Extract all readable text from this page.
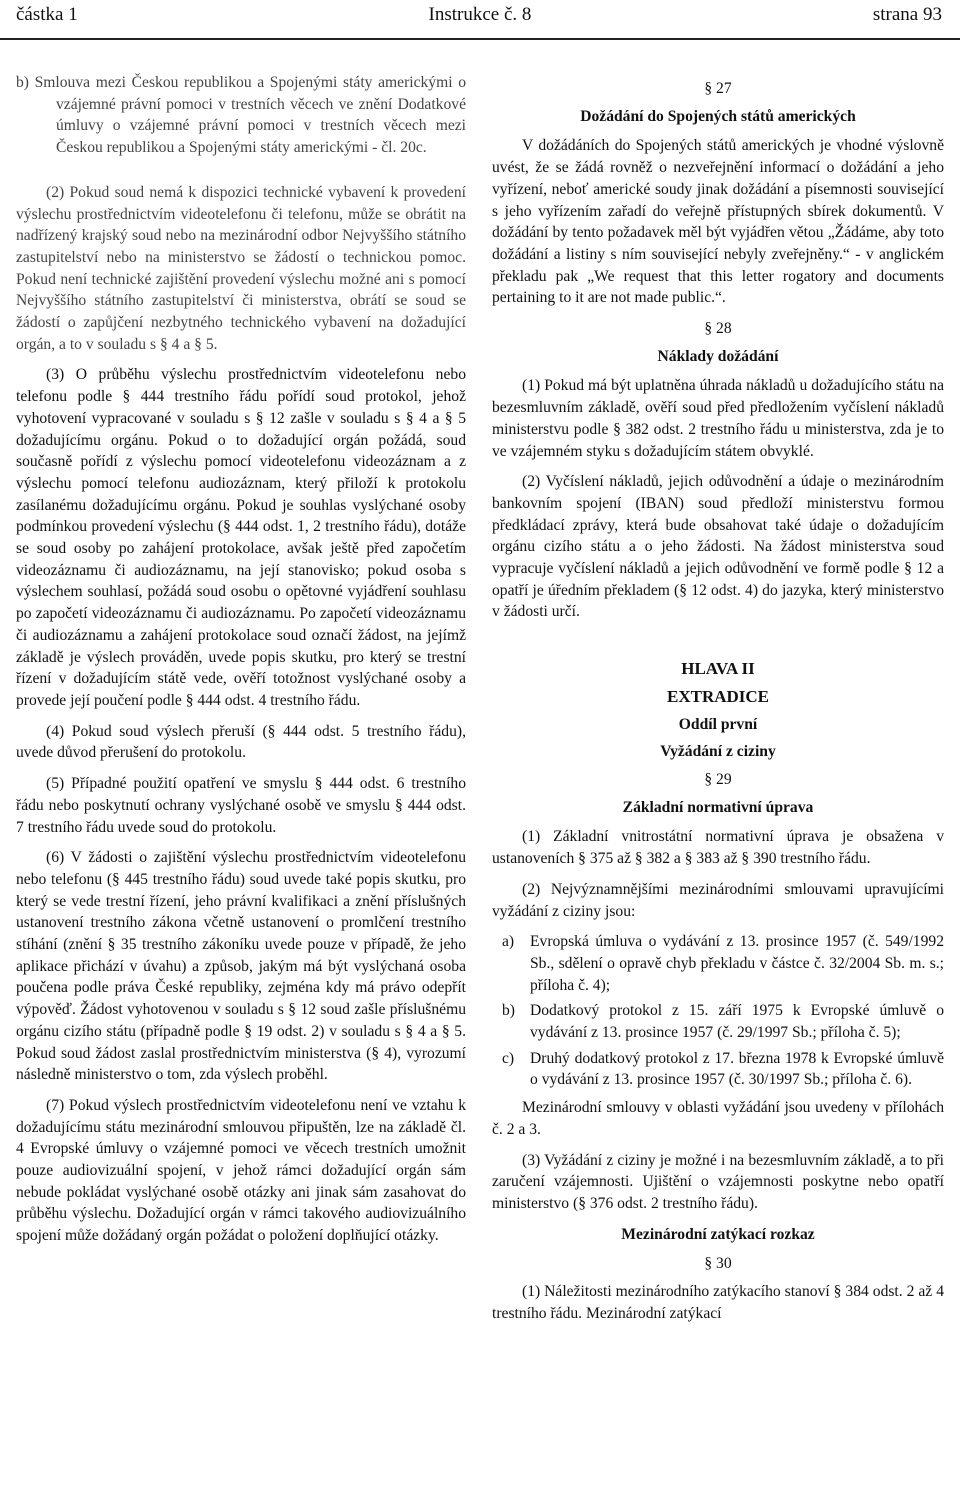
částka 1	Instrukce č. 8	strana 93

b) Smlouva mezi Českou republikou a Spojenými státy americkými o vzájemné právní pomoci v trestních věcech ve znění Dodatkové úmluvy o vzájemné právní pomoci v trestních věcech mezi Českou republikou a Spojenými státy americkými - čl. 20c.

(2) Pokud soud nemá k dispozici technické vybavení k provedení výslechu prostřednictvím videotelefonu či telefonu, může se obrátit na nadřízený krajský soud nebo na mezinárodní odbor Nejvyššího státního zastupitelství nebo na ministerstvo se žádostí o technickou pomoc. Pokud není technické zajištění provedení výslechu možné ani s pomocí Nejvyššího státního zastupitelství či ministerstva, obrátí se soud se žádostí o zapůjčení nezbytného technického vybavení na dožadující orgán, a to v souladu s § 4 a § 5.

(3) O průběhu výslechu prostřednictvím videotelefonu nebo telefonu podle § 444 trestního řádu pořídí soud protokol, jehož vyhotovení vypracované v souladu s § 12 zašle v souladu s § 4 a § 5 dožadujícímu orgánu. Pokud o to dožadující orgán požádá, soud současně pořídí z výslechu pomocí videotelefonu videozáznam a z výslechu pomocí telefonu audiozáznam, který přiloží k protokolu zasílanému dožadujícímu orgánu. Pokud je souhlas vyslýchané osoby podmínkou provedení výslechu (§ 444 odst. 1, 2 trestního řádu), dotáže se soud osoby po zahájení protokolace, avšak ještě před započetím videozáznamu či audiozáznamu, na její stanovisko; pokud osoba s výslechem souhlasí, požádá soud osobu o opětovné vyjádření souhlasu po započetí videozáznamu či audiozáznamu. Po započetí videozáznamu či audiozáznamu a zahájení protokolace soud označí žádost, na jejímž základě je výslech prováděn, uvede popis skutku, pro který se trestní řízení v dožadujícím státě vede, ověří totožnost vyslýchané osoby a provede její poučení podle § 444 odst. 4 trestního řádu.

(4) Pokud soud výslech přeruší (§ 444 odst. 5 trestního řádu), uvede důvod přerušení do protokolu.

(5) Případné použití opatření ve smyslu § 444 odst. 6 trestního řádu nebo poskytnutí ochrany vyslýchané osobě ve smyslu § 444 odst. 7 trestního řádu uvede soud do protokolu.

(6) V žádosti o zajištění výslechu prostřednictvím videotelefonu nebo telefonu (§ 445 trestního řádu) soud uvede také popis skutku, pro který se vede trestní řízení, jeho právní kvalifikaci a znění příslušných ustanovení trestního zákona včetně ustanovení o promlčení trestního stíhání (znění § 35 trestního zákoníku uvede pouze v případě, že jeho aplikace přichází v úvahu) a způsob, jakým má být vyslýchaná osoba poučena podle práva České republiky, zejména kdy má právo odepřít výpověď. Žádost vyhotovenou v souladu s § 12 soud zašle příslušnému orgánu cizího státu (případně podle § 19 odst. 2) v souladu s § 4 a § 5. Pokud soud žádost zaslal prostřednictvím ministerstva (§ 4), vyrozumí následně ministerstvo o tom, zda výslech proběhl.

(7) Pokud výslech prostřednictvím videotelefonu není ve vztahu k dožadujícímu státu mezinárodní smlouvou připuštěn, lze na základě čl. 4 Evropské úmluvy o vzájemné pomoci ve věcech trestních umožnit pouze audiovizuální spojení, v jehož rámci dožadující orgán sám nebude pokládat vyslýchané osobě otázky ani jinak sám zasahovat do průběhu výslechu. Dožadující orgán v rámci takového audiovizuálního spojení může dožádaný orgán požádat o položení doplňující otázky.

§ 27
Dožádání do Spojených států amerických

V dožádáních do Spojených států amerických je vhodné výslovně uvést, že se žádá rovněž o nezveřejnění informací o dožádání a jeho vyřízení, neboť americké soudy jinak dožádání a písemnosti související s jeho vyřízením zařadí do veřejně přístupných sbírek dokumentů. V dožádání by tento požadavek měl být vyjádřen větou „Žádáme, aby toto dožádání a listiny s ním související nebyly zveřejněny.“ - v anglickém překladu pak „We request that this letter rogatory and documents pertaining to it are not made public.“.

§ 28
Náklady dožádání

(1) Pokud má být uplatněna úhrada nákladů u dožadujícího státu na bezesmluvním základě, ověří soud před předložením vyčíslení nákladů ministerstvu podle § 382 odst. 2 trestního řádu u ministerstva, zda je to ve vzájemném styku s dožadujícím státem obvyklé.

(2) Vyčíslení nákladů, jejich odůvodnění a údaje o mezinárodním bankovním spojení (IBAN) soud předloží ministerstvu formou předkládací zprávy, která bude obsahovat také údaje o dožadujícím orgánu cizího státu a o jeho žádosti. Na žádost ministerstva soud vypracuje vyčíslení nákladů a jejich odůvodnění ve formě podle § 12 a opatří je úředním překladem (§ 12 odst. 4) do jazyka, který ministerstvo v žádosti určí.

HLAVA II
EXTRADICE
Oddíl první
Vyžádání z ciziny
§ 29
Základní normativní úprava

(1) Základní vnitrostátní normativní úprava je obsažena v ustanoveních § 375 až § 382 a § 383 až § 390 trestního řádu.

(2) Nejvýznamnějšími mezinárodními smlouvami upravujícími vyžádání z ciziny jsou:

a) Evropská úmluva o vydávání z 13. prosince 1957 (č. 549/1992 Sb., sdělení o opravě chyb překladu v částce č. 32/2004 Sb. m. s.; příloha č. 4);
b) Dodatkový protokol z 15. září 1975 k Evropské úmluvě o vydávání z 13. prosince 1957 (č. 29/1997 Sb.; příloha č. 5);
c) Druhý dodatkový protokol z 17. března 1978 k Evropské úmluvě o vydávání z 13. prosince 1957 (č. 30/1997 Sb.; příloha č. 6).

Mezinárodní smlouvy v oblasti vyžádání jsou uvedeny v přílohách č. 2 a 3.

(3) Vyžádání z ciziny je možné i na bezesmluvním základě, a to při zaručení vzájemnosti. Ujištění o vzájemnosti poskytne nebo opatří ministerstvo (§ 376 odst. 2 trestního řádu).

Mezinárodní zatýkací rozkaz
§ 30

(1) Náležitosti mezinárodního zatýkacího stanoví § 384 odst. 2 až 4 trestního řádu. Mezinárodní zatýkací
